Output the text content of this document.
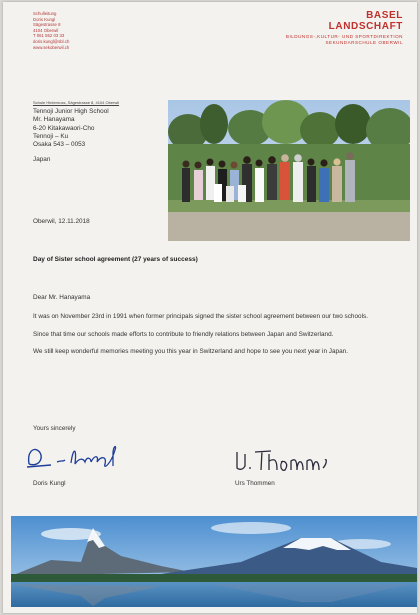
Schulleitung
Doris Kungl
Sägestrasse 8
4104 Oberwil
T 061 552 03 33
doris.kungl@sbl.ch
www.sekoberwil.ch
BASEL
LANDSCHAFT
BILDUNGS-,KULTUR- UND SPORTDIREKTION
SEKUNDARSCHULE OBERWIL
Schule Hinternuss, Sägestrasse 8, 4104 Oberwil
Tennoji Junior High School
Mr. Hanayama
6-20 Kitakawaori-Cho
Tennoji – Ku
Osaka 543 – 0053
Japan
Oberwil, 12.11.2018
Day of Sister school agreement (27 years of success)

Dear Mr. Hanayama

It was on November 23rd in 1991 when former principals signed the sister school agreement between our two schools.

Since that time our schools made efforts to contribute to friendly relations between Japan and Switzerland.

We still keep wonderful memories meeting you this year in Switzerland and hope to see you next year in Japan.

Yours sincerely
Doris Kungl	Urs Thommen
